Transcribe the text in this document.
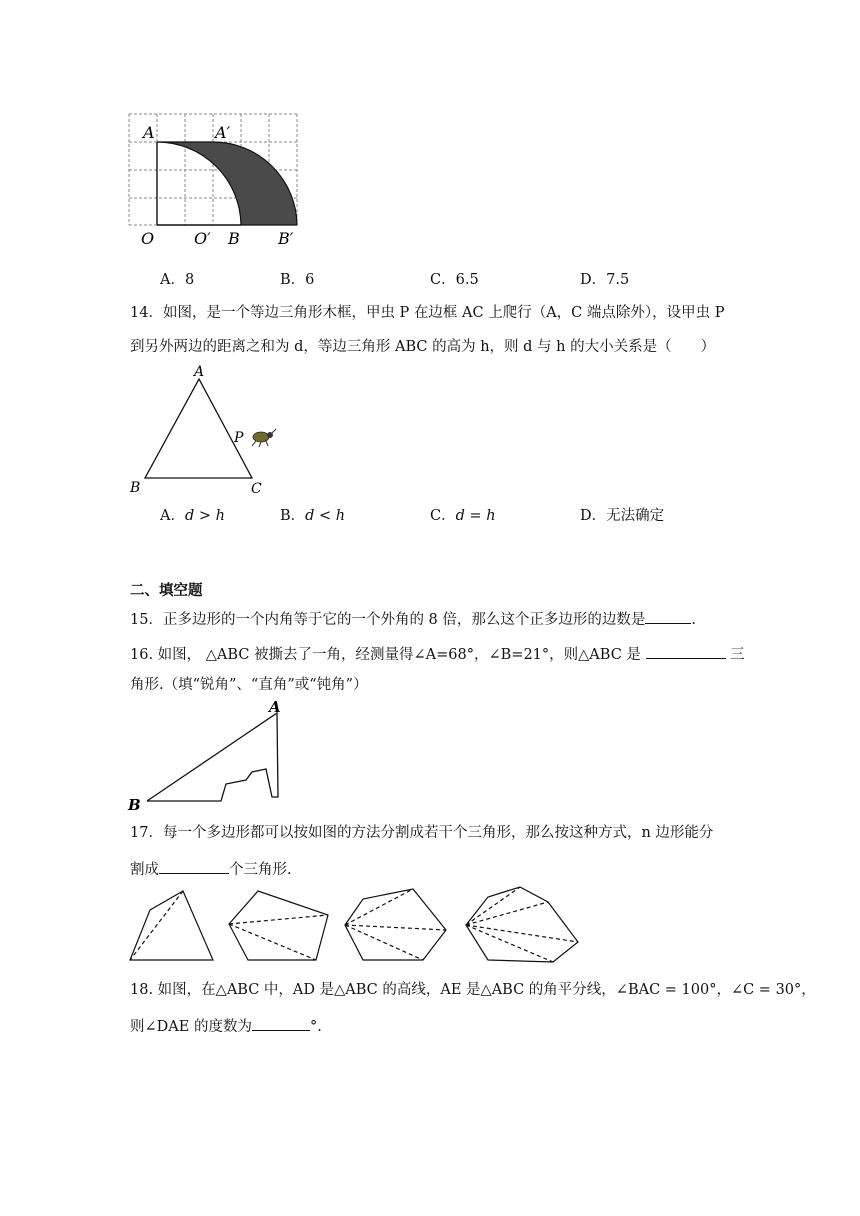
A	A′
O O′ B B′
A．8	B．6	C．6.5	D．7.5
14．如图，是一个等边三角形木框，甲虫 P 在边框 AC 上爬行（A，C 端点除外），设甲虫 P
到另外两边的距离之和为 d，等边三角形 ABC 的高为 h，则 d 与 h 的大小关系是（　　）
A
B	C
P
A．d > h	B．d < h	C．d = h	D．无法确定
二、填空题
15．正多边形的一个内角等于它的一个外角的 8 倍，那么这个正多边形的边数是	.
16. 如图， △ABC 被撕去了一角，经测量得∠A=68°，∠B=21°，则△ABC 是	三
角形.（填“锐角”、“直角”或“钝角”）
A
B
17．每一个多边形都可以按如图的方法分割成若干个三角形，那么按这种方式，n 边形能分
割成	个三角形.
18. 如图，在△ABC 中，AD 是△ABC 的高线，AE 是△ABC 的角平分线，∠BAC = 100°，∠C = 30°，
则∠DAE 的度数为	°.
